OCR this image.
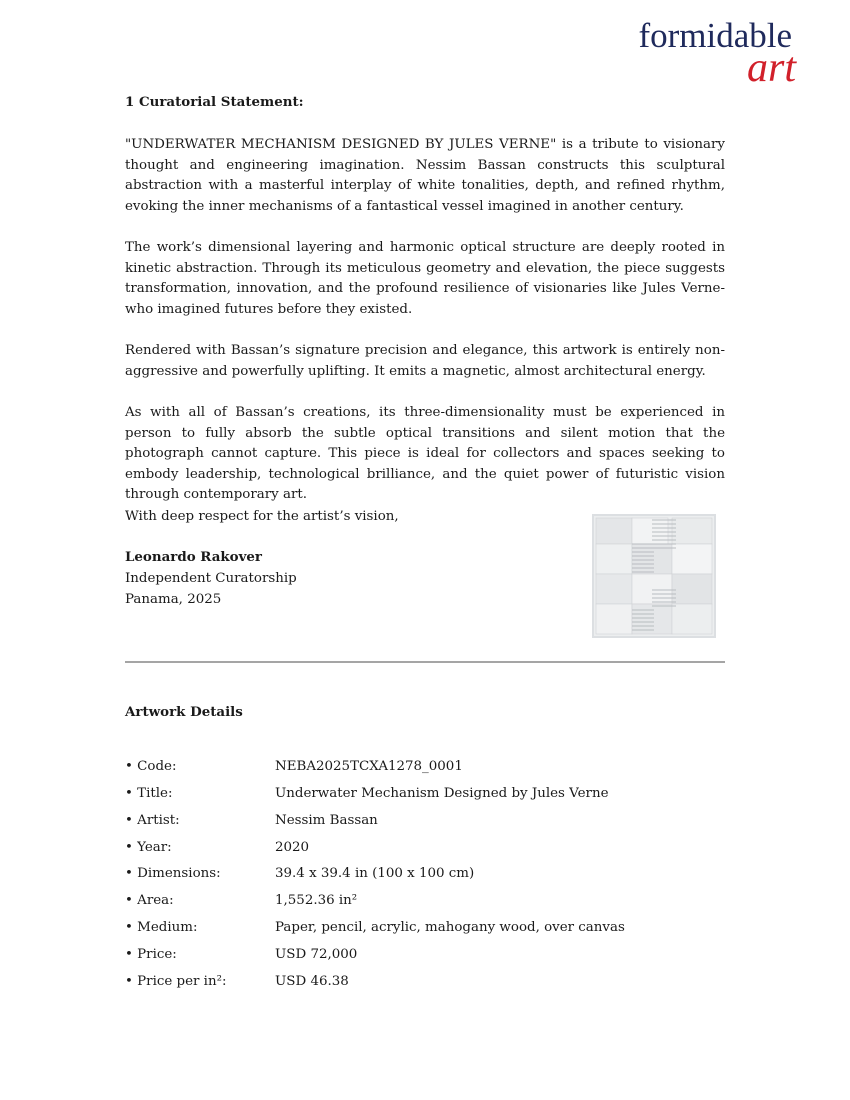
formidable
art
1 Curatorial Statement:

"UNDERWATER MECHANISM DESIGNED BY JULES VERNE" is a tribute to visionary thought and engineering imagination. Nessim Bassan constructs this sculptural abstraction with a masterful interplay of white tonalities, depth, and refined rhythm, evoking the inner mechanisms of a fantastical vessel imagined in another century.

The work’s dimensional layering and harmonic optical structure are deeply rooted in kinetic abstraction. Through its meticulous geometry and elevation, the piece suggests transformation, innovation, and the profound resilience of visionaries like Jules Verne-who imagined futures before they existed.

Rendered with Bassan’s signature precision and elegance, this artwork is entirely non-aggressive and powerfully uplifting. It emits a magnetic, almost architectural energy.

As with all of Bassan’s creations, its three-dimensionality must be experienced in person to fully absorb the subtle optical transitions and silent motion that the photograph cannot capture. This piece is ideal for collectors and spaces seeking to embody leadership, technological brilliance, and the quiet power of futuristic vision through contemporary art.

With deep respect for the artist’s vision,
Leonardo Rakover
Independent Curatorship
Panama, 2025
Artwork Details
• Code:	NEBA2025TCXA1278_0001
• Title:	Underwater Mechanism Designed by Jules Verne
• Artist:	Nessim Bassan
• Year:	2020
• Dimensions:	39.4 x 39.4 in (100 x 100 cm)
• Area:	1,552.36 in²
• Medium:	Paper, pencil, acrylic, mahogany wood, over canvas
• Price:	USD 72,000
• Price per in²:	USD 46.38
